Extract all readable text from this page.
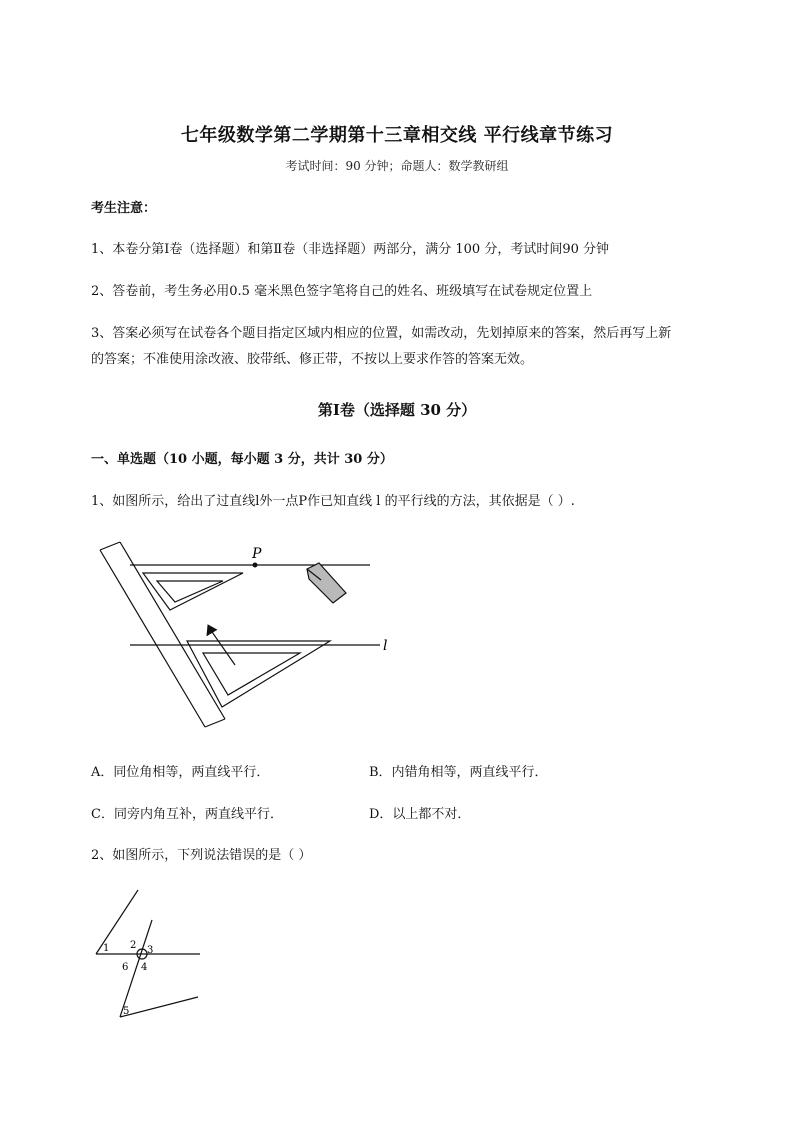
七年级数学第二学期第十三章相交线 平行线章节练习
考试时间：90 分钟；命题人：数学教研组
考生注意：
1、本卷分第Ⅰ卷（选择题）和第Ⅱ卷（非选择题）两部分，满分 100 分，考试时间90 分钟
2、答卷前，考生务必用0.5 毫米黑色签字笔将自己的姓名、班级填写在试卷规定位置上
3、答案必须写在试卷各个题目指定区域内相应的位置，如需改动，先划掉原来的答案，然后再写上新
的答案；不准使用涂改液、胶带纸、修正带，不按以上要求作答的答案无效。
第Ⅰ卷（选择题 30 分）
一、单选题（10 小题，每小题 3 分，共计 30 分）
1、如图所示，给出了过直线l外一点P作已知直线 l 的平行线的方法，其依据是（ ）.
P
l
A．同位角相等，两直线平行．	B．内错角相等，两直线平行．
C．同旁内角互补，两直线平行．	D．以上都不对．
2、如图所示，下列说法错误的是（ ）
1 2 3
4
5
6
